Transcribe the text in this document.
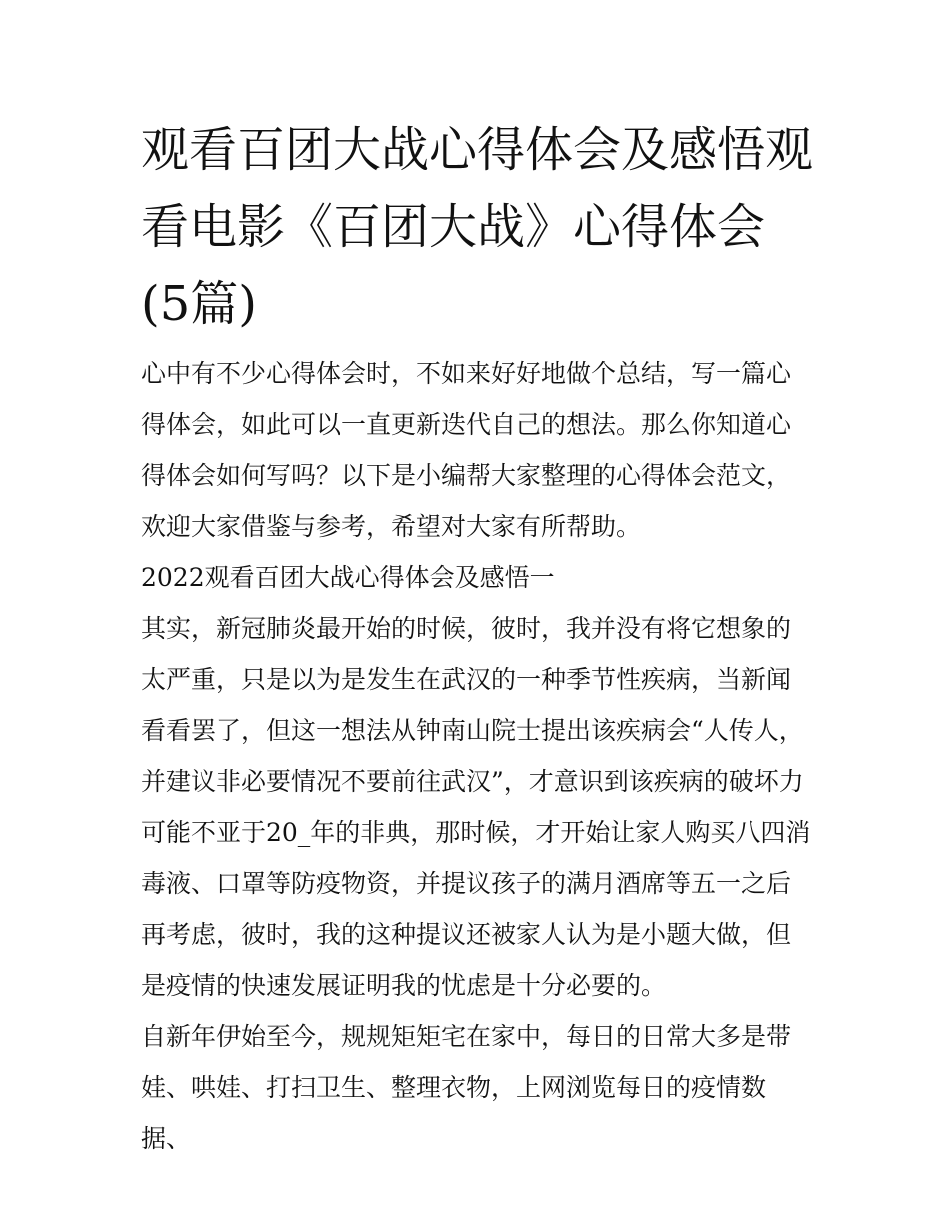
观看百团大战心得体会及感悟观看电影《百团大战》心得体会(5篇)

心中有不少心得体会时，不如来好好地做个总结，写一篇心得体会，如此可以一直更新迭代自己的想法。那么你知道心得体会如何写吗？以下是小编帮大家整理的心得体会范文，欢迎大家借鉴与参考，希望对大家有所帮助。

2022观看百团大战心得体会及感悟一

其实，新冠肺炎最开始的时候，彼时，我并没有将它想象的太严重，只是以为是发生在武汉的一种季节性疾病，当新闻看看罢了，但这一想法从钟南山院士提出该疾病会“人传人，并建议非必要情况不要前往武汉”，才意识到该疾病的破坏力可能不亚于20_年的非典，那时候，才开始让家人购买八四消毒液、口罩等防疫物资，并提议孩子的满月酒席等五一之后再考虑，彼时，我的这种提议还被家人认为是小题大做，但是疫情的快速发展证明我的忧虑是十分必要的。

自新年伊始至今，规规矩矩宅在家中，每日的日常大多是带娃、哄娃、打扫卫生、整理衣物，上网浏览每日的疫情数据、
